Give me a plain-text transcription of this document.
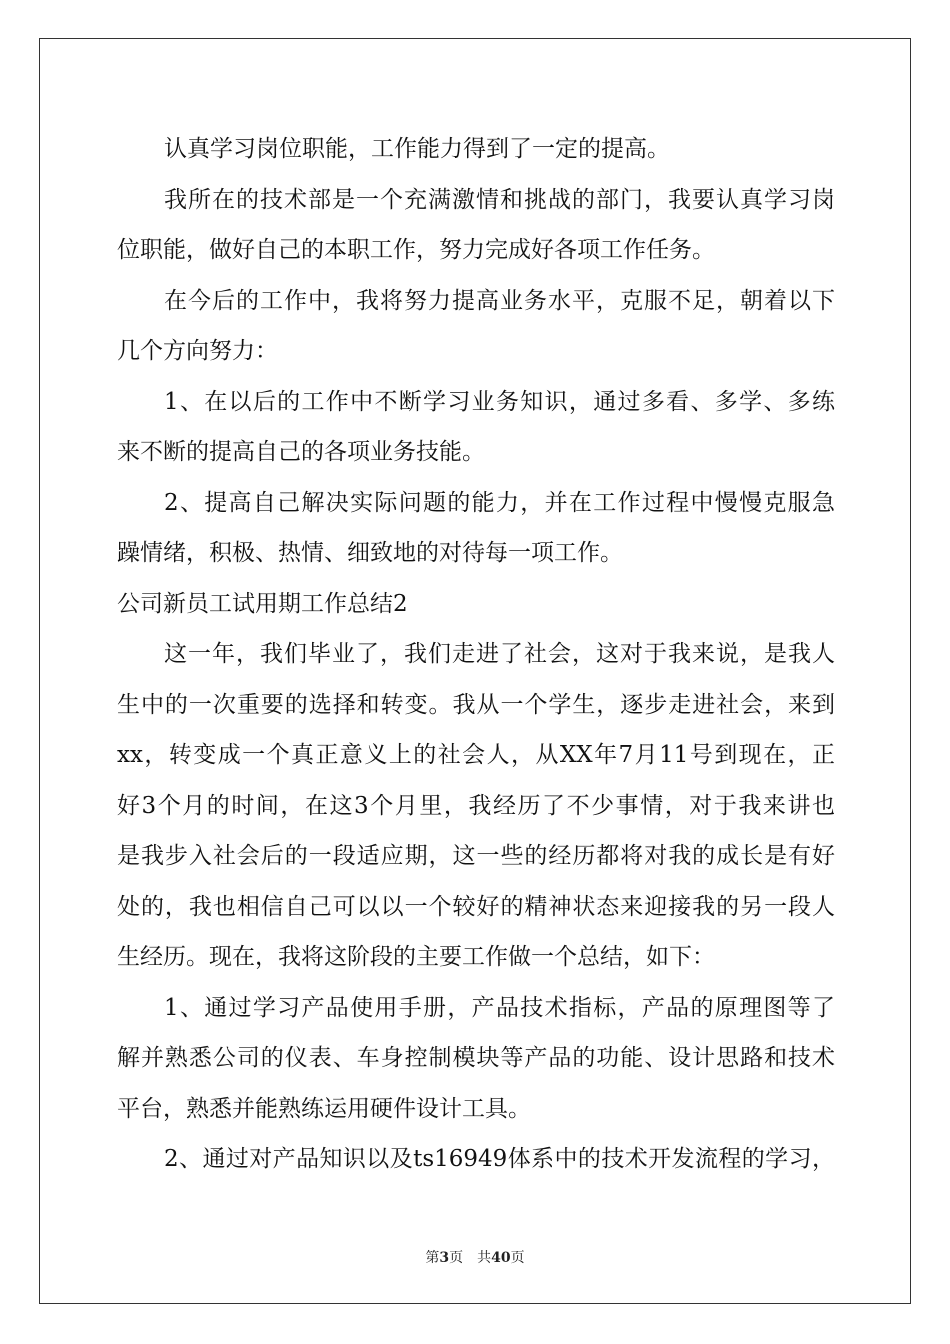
认真学习岗位职能，工作能力得到了一定的提高。
我所在的技术部是一个充满激情和挑战的部门，我要认真学习岗
位职能，做好自己的本职工作，努力完成好各项工作任务。
在今后的工作中，我将努力提高业务水平，克服不足，朝着以下
几个方向努力：
1、在以后的工作中不断学习业务知识，通过多看、多学、多练
来不断的提高自己的各项业务技能。
2、提高自己解决实际问题的能力，并在工作过程中慢慢克服急
躁情绪，积极、热情、细致地的对待每一项工作。
公司新员工试用期工作总结2
这一年，我们毕业了，我们走进了社会，这对于我来说，是我人
生中的一次重要的选择和转变。我从一个学生，逐步走进社会，来到
xx，转变成一个真正意义上的社会人，从XX年7月11号到现在，正
好3个月的时间，在这3个月里，我经历了不少事情，对于我来讲也
是我步入社会后的一段适应期，这一些的经历都将对我的成长是有好
处的，我也相信自己可以以一个较好的精神状态来迎接我的另一段人
生经历。现在，我将这阶段的主要工作做一个总结，如下：
1、通过学习产品使用手册，产品技术指标，产品的原理图等了
解并熟悉公司的仪表、车身控制模块等产品的功能、设计思路和技术
平台，熟悉并能熟练运用硬件设计工具。
2、通过对产品知识以及ts16949体系中的技术开发流程的学习，
第3页　共40页
